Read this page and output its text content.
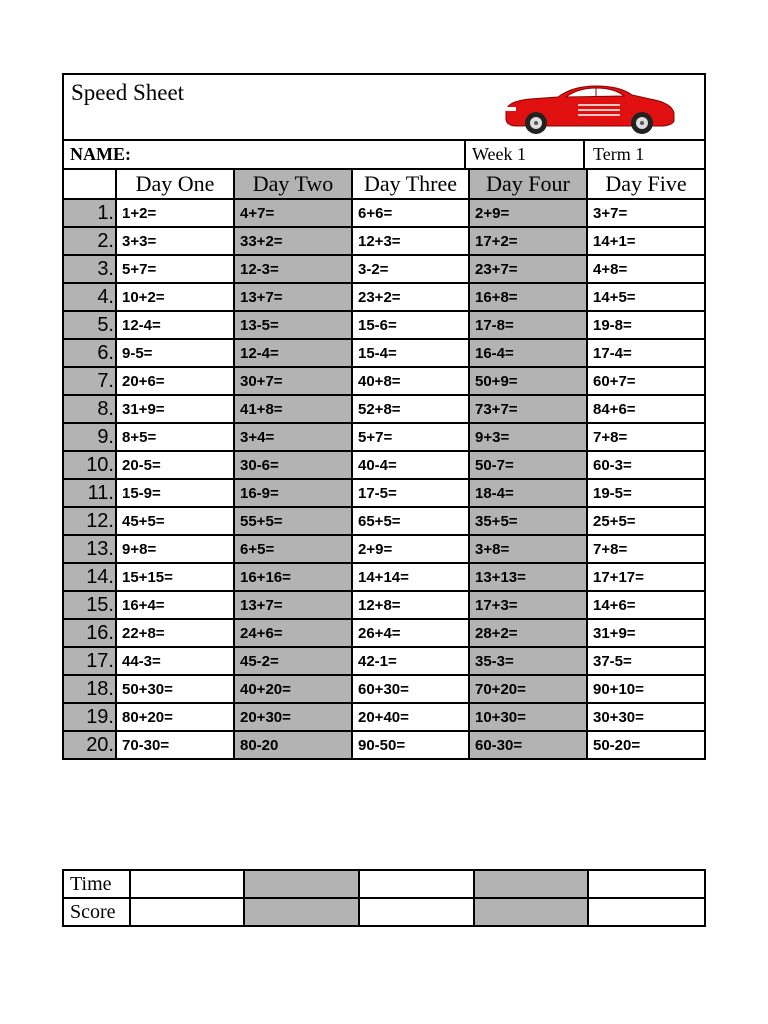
Speed Sheet
NAME:	Week 1	Term 1
	Day One	Day Two	Day Three	Day Four	Day Five
1.	1+2=	4+7=	6+6=	2+9=	3+7=
2.	3+3=	33+2=	12+3=	17+2=	14+1=
3.	5+7=	12-3=	3-2=	23+7=	4+8=
4.	10+2=	13+7=	23+2=	16+8=	14+5=
5.	12-4=	13-5=	15-6=	17-8=	19-8=
6.	9-5=	12-4=	15-4=	16-4=	17-4=
7.	20+6=	30+7=	40+8=	50+9=	60+7=
8.	31+9=	41+8=	52+8=	73+7=	84+6=
9.	8+5=	3+4=	5+7=	9+3=	7+8=
10.	20-5=	30-6=	40-4=	50-7=	60-3=
11.	15-9=	16-9=	17-5=	18-4=	19-5=
12.	45+5=	55+5=	65+5=	35+5=	25+5=
13.	9+8=	6+5=	2+9=	3+8=	7+8=
14.	15+15=	16+16=	14+14=	13+13=	17+17=
15.	16+4=	13+7=	12+8=	17+3=	14+6=
16.	22+8=	24+6=	26+4=	28+2=	31+9=
17.	44-3=	45-2=	42-1=	35-3=	37-5=
18.	50+30=	40+20=	60+30=	70+20=	90+10=
19.	80+20=	20+30=	20+40=	10+30=	30+30=
20.	70-30=	80-20	90-50=	60-30=	50-20=
Time					
Score					
